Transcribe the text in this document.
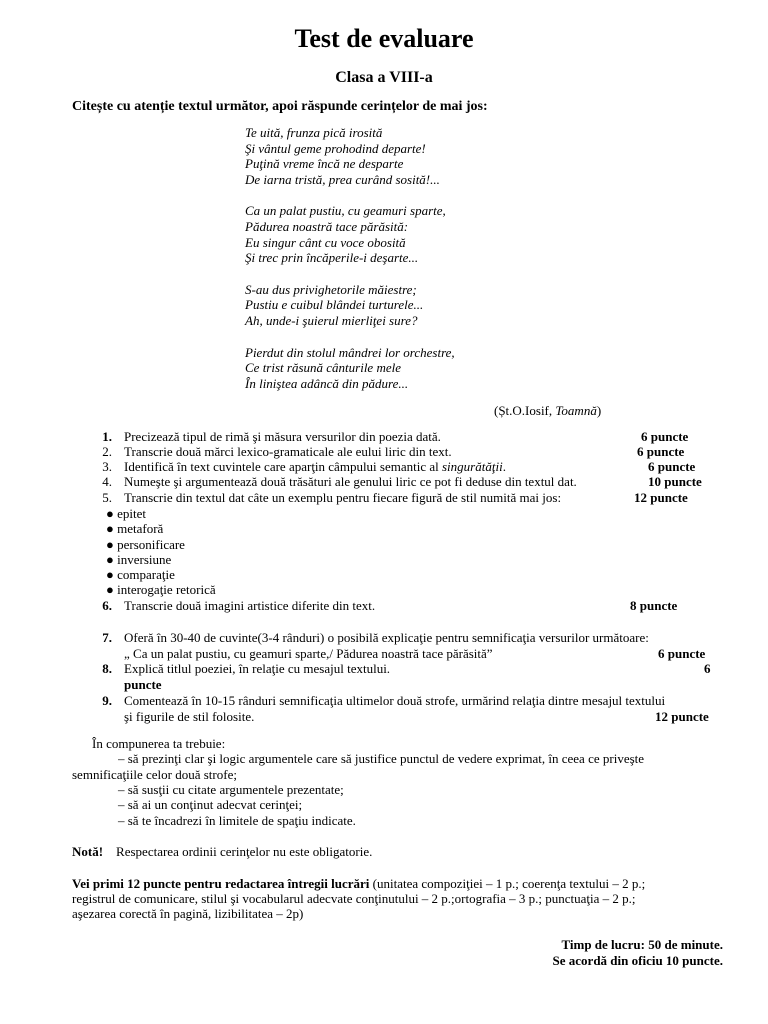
Test de evaluare
Clasa a VIII-a
Citește cu atenție textul următor, apoi răspunde cerințelor de mai jos:
Te uită, frunza pică irosită
Şi vântul geme prohodind departe!
Puţină vreme încă ne desparte
De iarna tristă, prea curând sosită!...
Ca un palat pustiu, cu geamuri sparte,
Pădurea noastră tace părăsită:
Eu singur cânt cu voce obosită
Şi trec prin încăperile-i deşarte...
S-au dus privighetorile măiestre;
Pustiu e cuibul blândei turturele...
Ah, unde-i şuierul mierliţei sure?
Pierdut din stolul mândrei lor orchestre,
Ce trist răsună cânturile mele
În liniştea adâncă din pădure...
(Șt.O.Iosif, Toamnă)
1. Precizează tipul de rimă şi măsura versurilor din poezia dată.	6 puncte
2. Transcrie două mărci lexico-gramaticale ale eului liric din text.	6 puncte
3. Identifică în text cuvintele care aparţin câmpului semantic al singurătăţii.	6 puncte
4. Numeşte şi argumentează două trăsături ale genului liric ce pot fi deduse din textul dat.	10 puncte
5. Transcrie din textul dat câte un exemplu pentru fiecare figură de stil numită mai jos:	12 puncte
● epitet
● metaforă
● personificare
● inversiune
● comparaţie
● interogaţie retorică
6. Transcrie două imagini artistice diferite din text.	8 puncte
7. Oferă în 30-40 de cuvinte(3-4 rânduri) o posibilă explicaţie pentru semnificaţia versurilor următoare:
„ Ca un palat pustiu, cu geamuri sparte,/ Pădurea noastră tace părăsită”	6 puncte
8. Explică titlul poeziei, în relaţie cu mesajul textului.	6
puncte
9. Comentează în 10-15 rânduri semnificaţia ultimelor două strofe, urmărind relaţia dintre mesajul textului
şi figurile de stil folosite.	12 puncte
În compunerea ta trebuie:
– să prezinţi clar şi logic argumentele care să justifice punctul de vedere exprimat, în ceea ce priveşte
semnificaţiile celor două strofe;
– să susţii cu citate argumentele prezentate;
– să ai un conţinut adecvat cerinţei;
– să te încadrezi în limitele de spaţiu indicate.
Notă! Respectarea ordinii cerinţelor nu este obligatorie.
Vei primi 12 puncte pentru redactarea întregii lucrări (unitatea compoziţiei – 1 p.; coerenţa textului – 2 p.;
registrul de comunicare, stilul şi vocabularul adecvate conţinutului – 2 p.;ortografia – 3 p.; punctuaţia – 2 p.;
aşezarea corectă în pagină, lizibilitatea – 2p)
Timp de lucru: 50 de minute.
Se acordă din oficiu 10 puncte.
